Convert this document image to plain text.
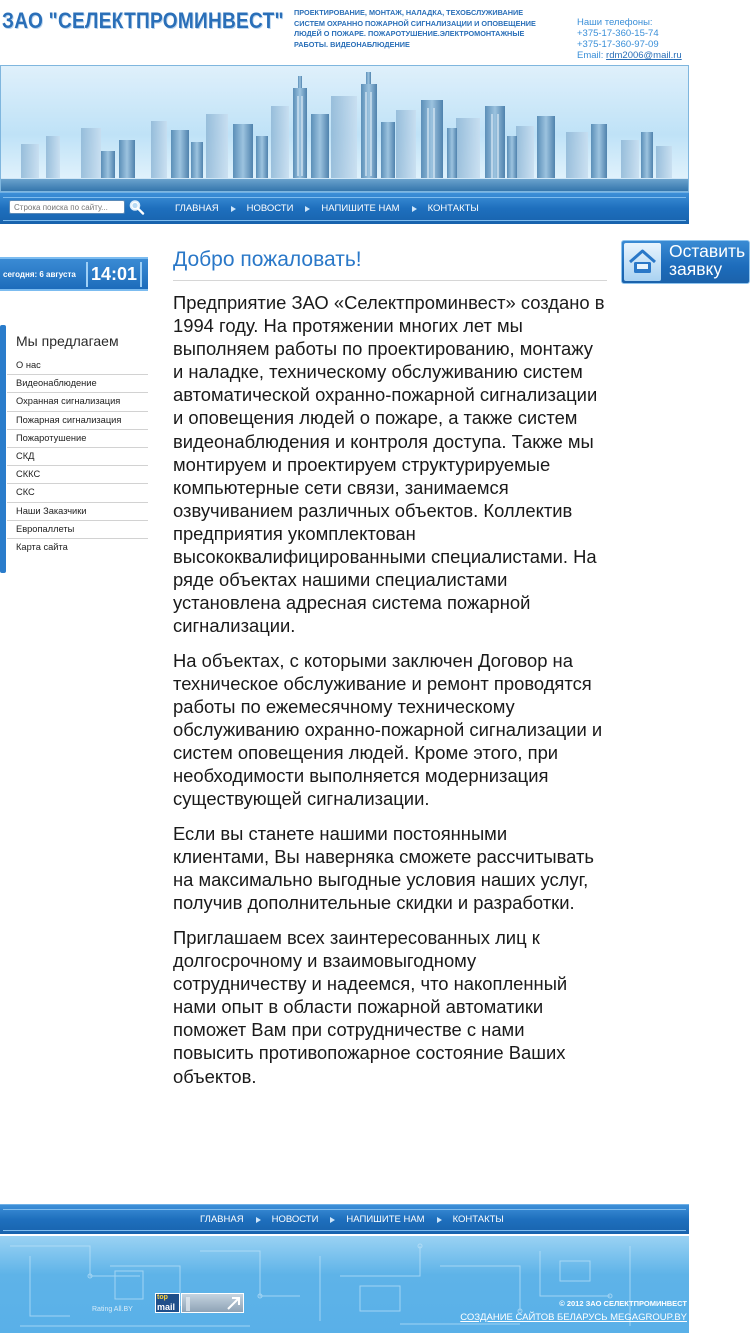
ЗАО "СЕЛЕКТПРОМИНВЕСТ" ПРОЕКТИРОВАНИЕ, МОНТАЖ, НАЛАДКА, ТЕХОБСЛУЖИВАНИЕ СИСТЕМ ОХРАННО ПОЖАРНОЙ СИГНАЛИЗАЦИИ И ОПОВЕЩЕНИЕ ЛЮДЕЙ О ПОЖАРЕ. ПОЖАРОТУШЕНИЕ.ЭЛЕКТРОМОНТАЖНЫЕ РАБОТЫ. ВИДЕОНАБЛЮДЕНИЕ
Наши телефоны:
+375-17-360-15-74
+375-17-360-97-09
Email: rdm2006@mail.ru
ГЛАВНАЯ	НОВОСТИ	НАПИШИТЕ НАМ	КОНТАКТЫ
Строка поиска по сайту...
сегодня: 6 августа 14:01
Мы предлагаем
О нас
Видеонаблюдение
Охранная сигнализация
Пожарная сигнализация
Пожаротушение
СКД
СККС
СКС
Наши Заказчики
Европаллеты
Карта сайта
Добро пожаловать!

Предприятие ЗАО «Селектпроминвест» создано в 1994 году. На протяжении многих лет мы выполняем работы по проектированию, монтажу и наладке, техническому обслуживанию систем автоматической охранно-пожарной сигнализации и оповещения людей о пожаре, а также систем видеонаблюдения и контроля доступа. Также мы монтируем и проектируем структурируемые компьютерные сети связи, занимаемся озвучиванием различных объектов. Коллектив предприятия укомплектован высококвалифицированными специалистами. На ряде объектах нашими специалистами установлена адресная система пожарной сигнализации.

На объектах, с которыми заключен Договор на техническое обслуживание и ремонт проводятся работы по ежемесячному техническому обслуживанию охранно-пожарной сигнализации и систем оповещения людей. Кроме этого, при необходимости выполняется модернизация существующей сигнализации.

Если вы станете нашими постоянными клиентами, Вы наверняка сможете рассчитывать на максимально выгодные условия наших услуг, получив дополнительные скидки и разработки.

Приглашаем всех заинтересованных лиц к долгосрочному и взаимовыгодному сотрудничеству и надеемся, что накопленный нами опыт в области пожарной автоматики поможет Вам при сотрудничестве с нами повысить противопожарное состояние Ваших объектов.

Оставить
заявку
ГЛАВНАЯ	НОВОСТИ	НАПИШИТЕ НАМ	КОНТАКТЫ
Rating All.BY
top
mail	© 2012 ЗАО СЕЛЕКТПРОМИНВЕСТ
СОЗДАНИЕ САЙТОВ БЕЛАРУСЬ MEGAGROUP.BY
